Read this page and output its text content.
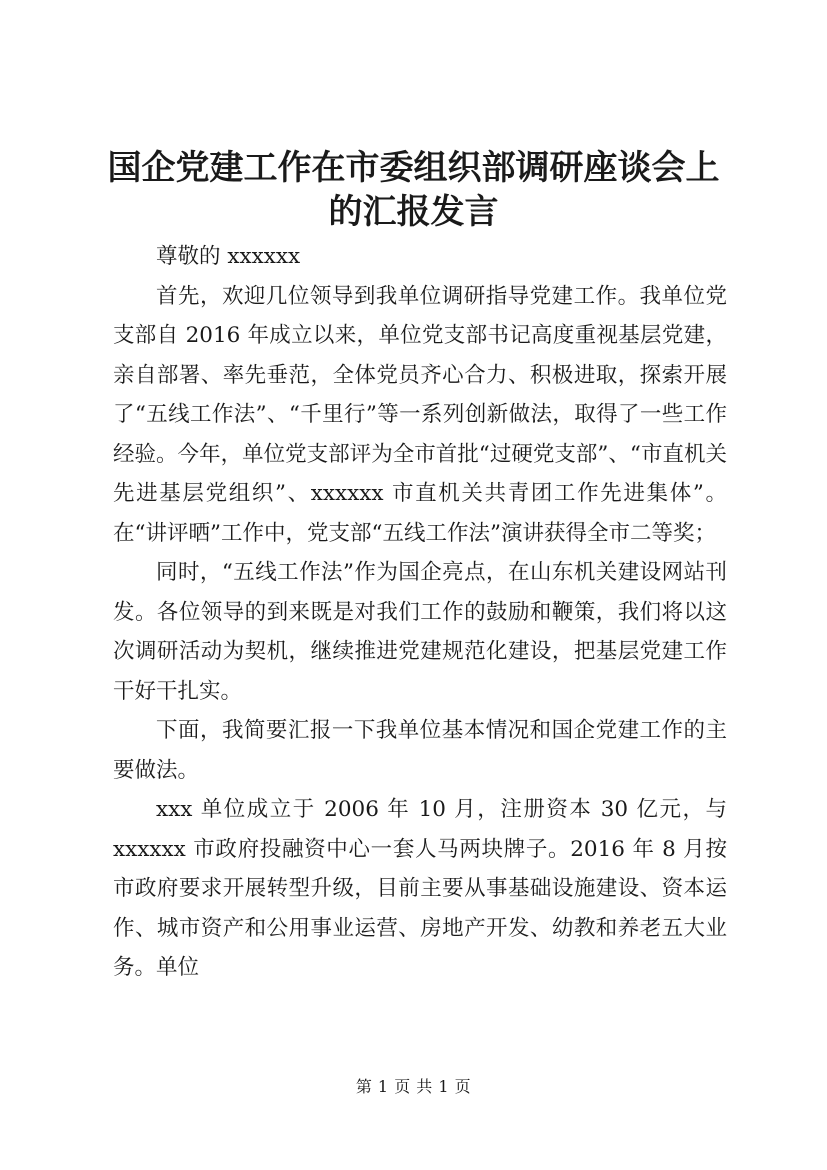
国企党建工作在市委组织部调研座谈会上的汇报发言

尊敬的 xxxxxx

首先，欢迎几位领导到我单位调研指导党建工作。我单位党支部自 2016 年成立以来，单位党支部书记高度重视基层党建，亲自部署、率先垂范，全体党员齐心合力、积极进取，探索开展了“五线工作法”、“千里行”等一系列创新做法，取得了一些工作经验。今年，单位党支部评为全市首批“过硬党支部”、“市直机关先进基层党组织”、xxxxxx 市直机关共青团工作先进集体”。在“讲评晒”工作中，党支部“五线工作法”演讲获得全市二等奖；

同时，“五线工作法”作为国企亮点，在山东机关建设网站刊发。各位领导的到来既是对我们工作的鼓励和鞭策，我们将以这次调研活动为契机，继续推进党建规范化建设，把基层党建工作干好干扎实。

下面，我简要汇报一下我单位基本情况和国企党建工作的主要做法。

xxx 单位成立于 2006 年 10 月，注册资本 30 亿元，与 xxxxxx 市政府投融资中心一套人马两块牌子。2016 年 8 月按市政府要求开展转型升级，目前主要从事基础设施建设、资本运作、城市资产和公用事业运营、房地产开发、幼教和养老五大业务。单位

第 1 页 共 1 页
